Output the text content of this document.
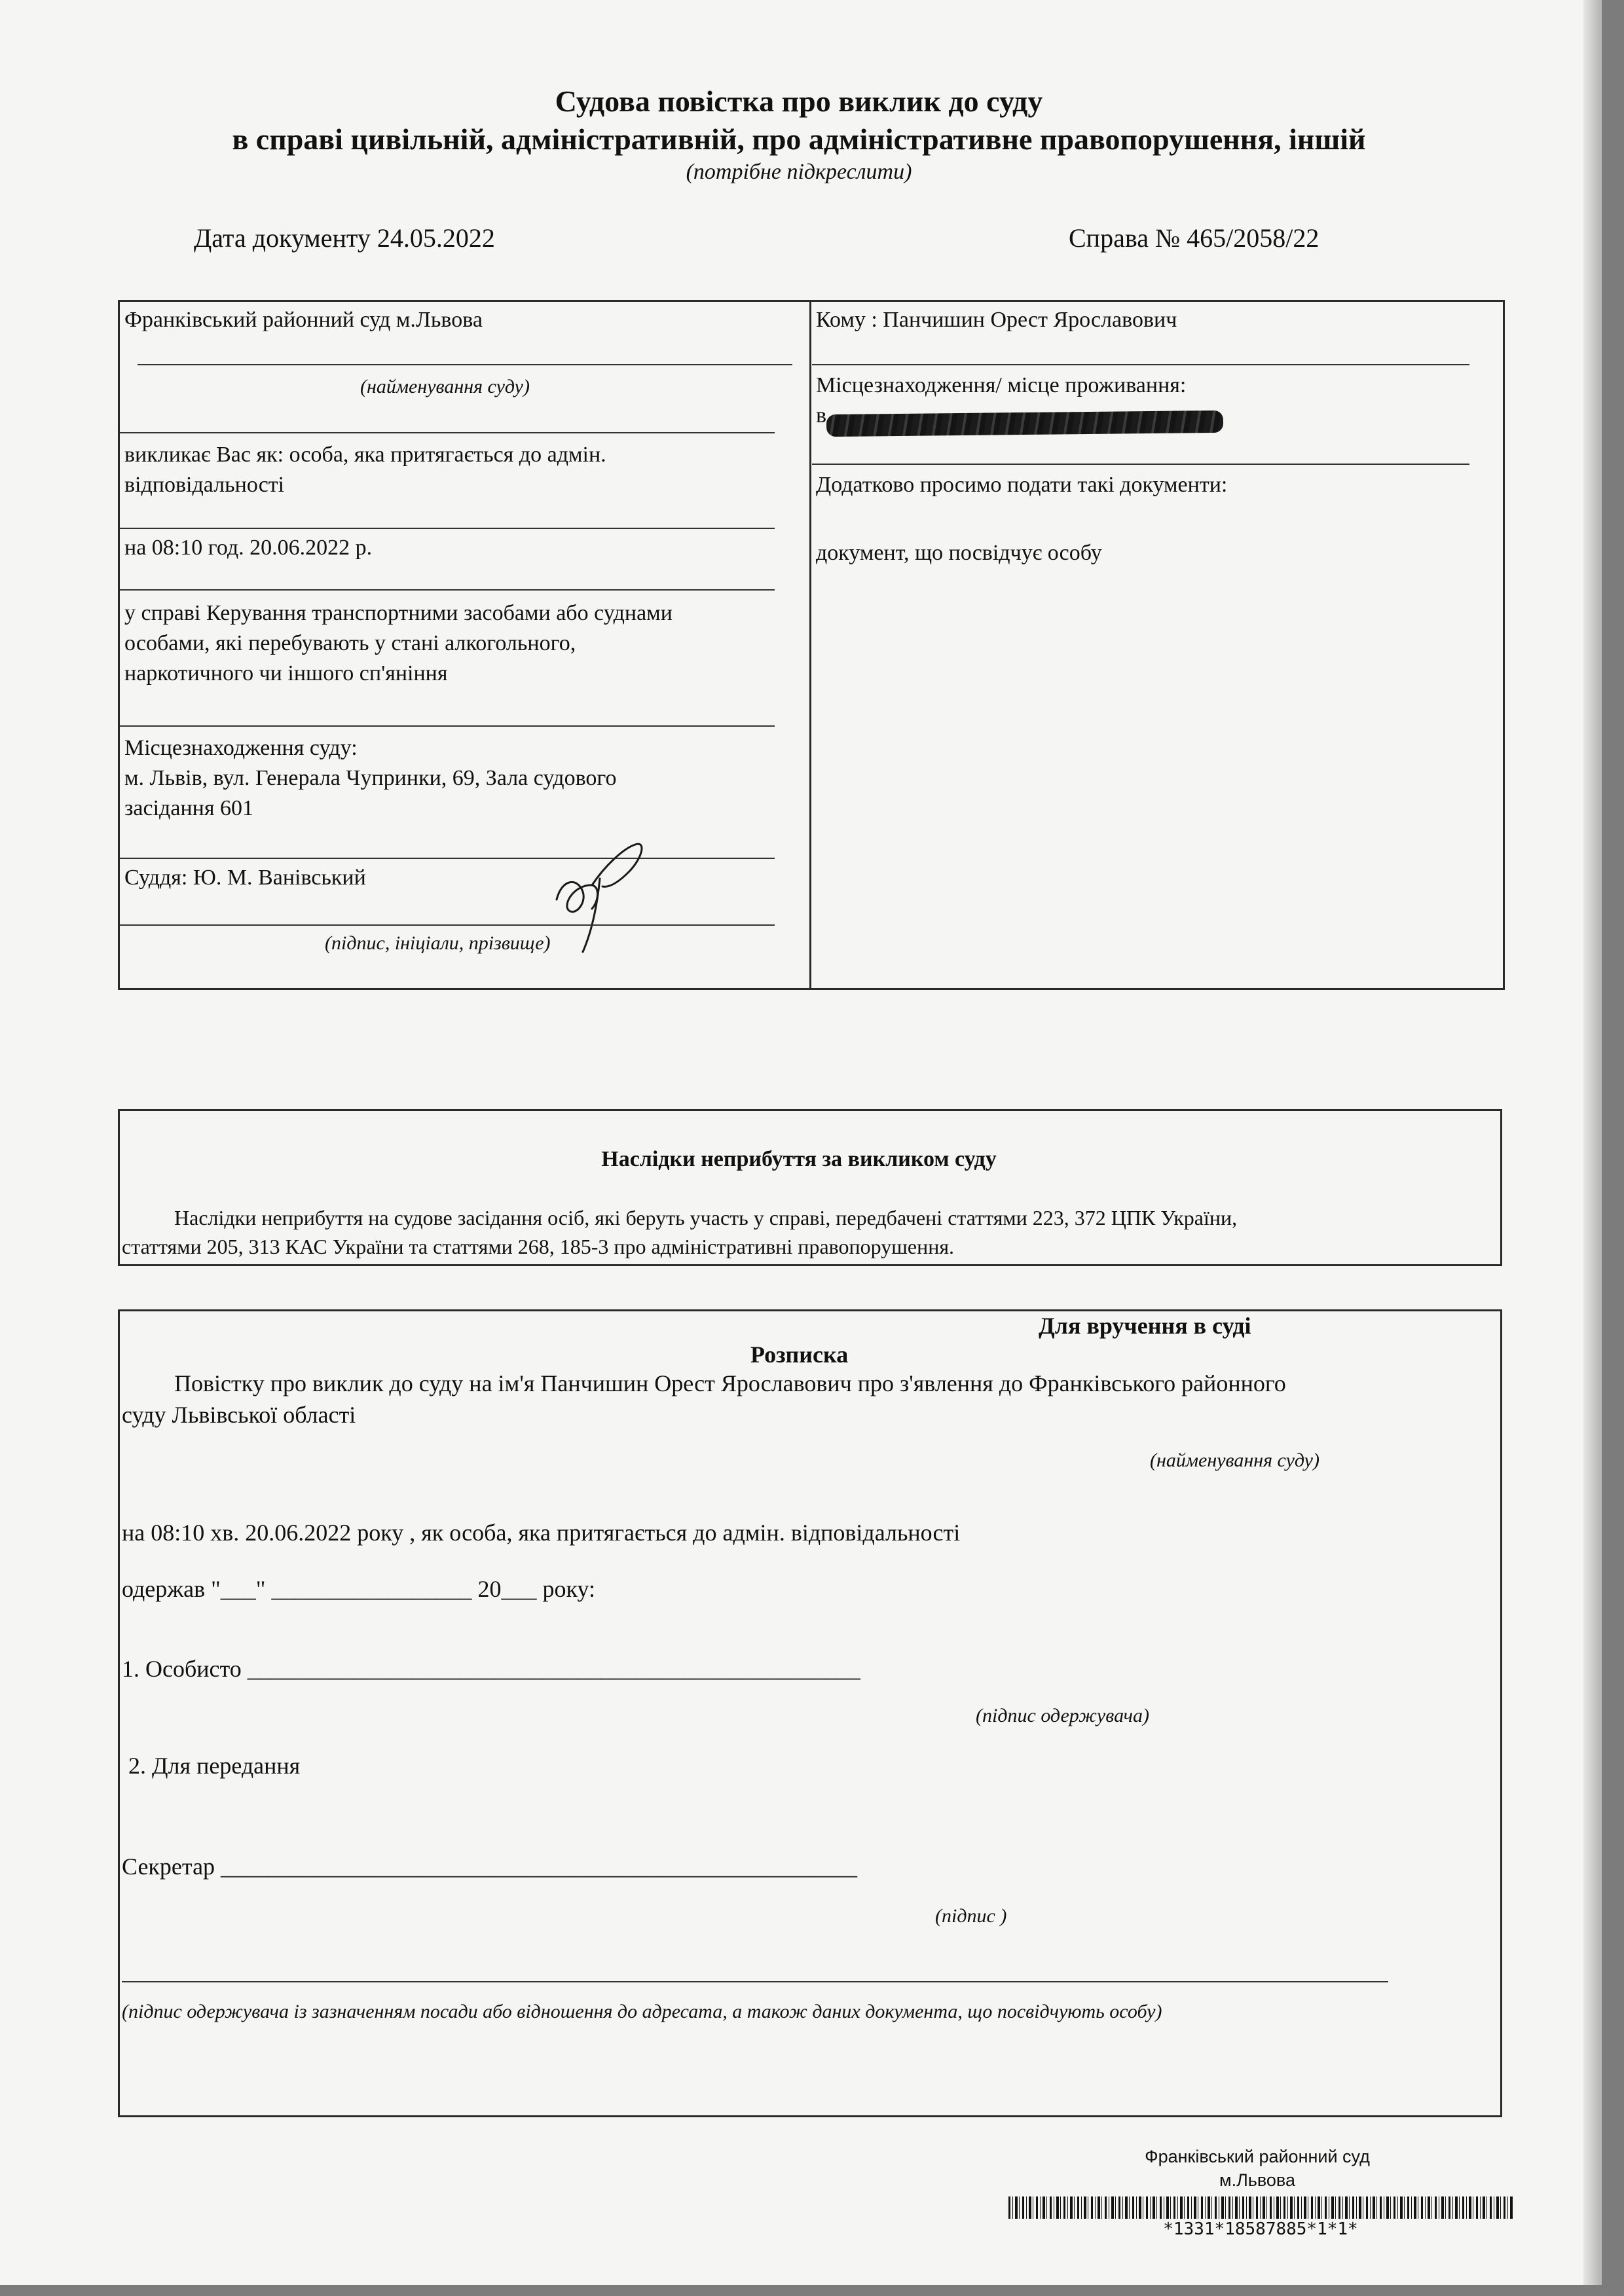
Судова повістка про виклик до суду
в справі цивільній, адміністративній, про адміністративне правопорушення, іншій
(потрібне підкреслити)
Дата документу 24.05.2022	Справа № 465/2058/22
Франківський районний суд м.Львова
(найменування суду)
викликає Вас як: особа, яка притягається до адмін.
відповідальності
на 08:10 год. 20.06.2022 р.
у справі Керування транспортними засобами або суднами
особами, які перебувають у стані алкогольного,
наркотичного чи іншого сп'яніння
Місцезнаходження суду:
м. Львів, вул. Генерала Чупринки, 69, Зала судового
засідання 601
Суддя: Ю. М. Ванівський
(підпис, ініціали, прізвище)
Кому : Панчишин Орест Ярославович
Місцезнаходження/ місце проживання:
в
Додатково просимо подати такі документи:
документ, що посвідчує особу
Наслідки неприбуття за викликом суду
Наслідки неприбуття на судове засідання осіб, які беруть участь у справі, передбачені статтями 223, 372 ЦПК України,
статтями 205, 313 КАС України та статтями 268, 185-3 про адміністративні правопорушення.
Для вручення в суді
Розписка
Повістку про виклик до суду на ім'я Панчишин Орест Ярославович про з'явлення до Франківського районного
суду Львівської області
(найменування суду)
на 08:10 хв. 20.06.2022 року , як особа, яка притягається до адмін. відповідальності
одержав "___" _________________ 20___ року:
1. Особисто ____________________________________________________
(підпис одержувача)
2. Для передання
Секретар ______________________________________________________
(підпис )
(підпис одержувача із зазначенням посади або відношення до адресата, а також даних документа, що посвідчують особу)
Франківський районний суд
м.Львова
*1331*18587885*1*1*
